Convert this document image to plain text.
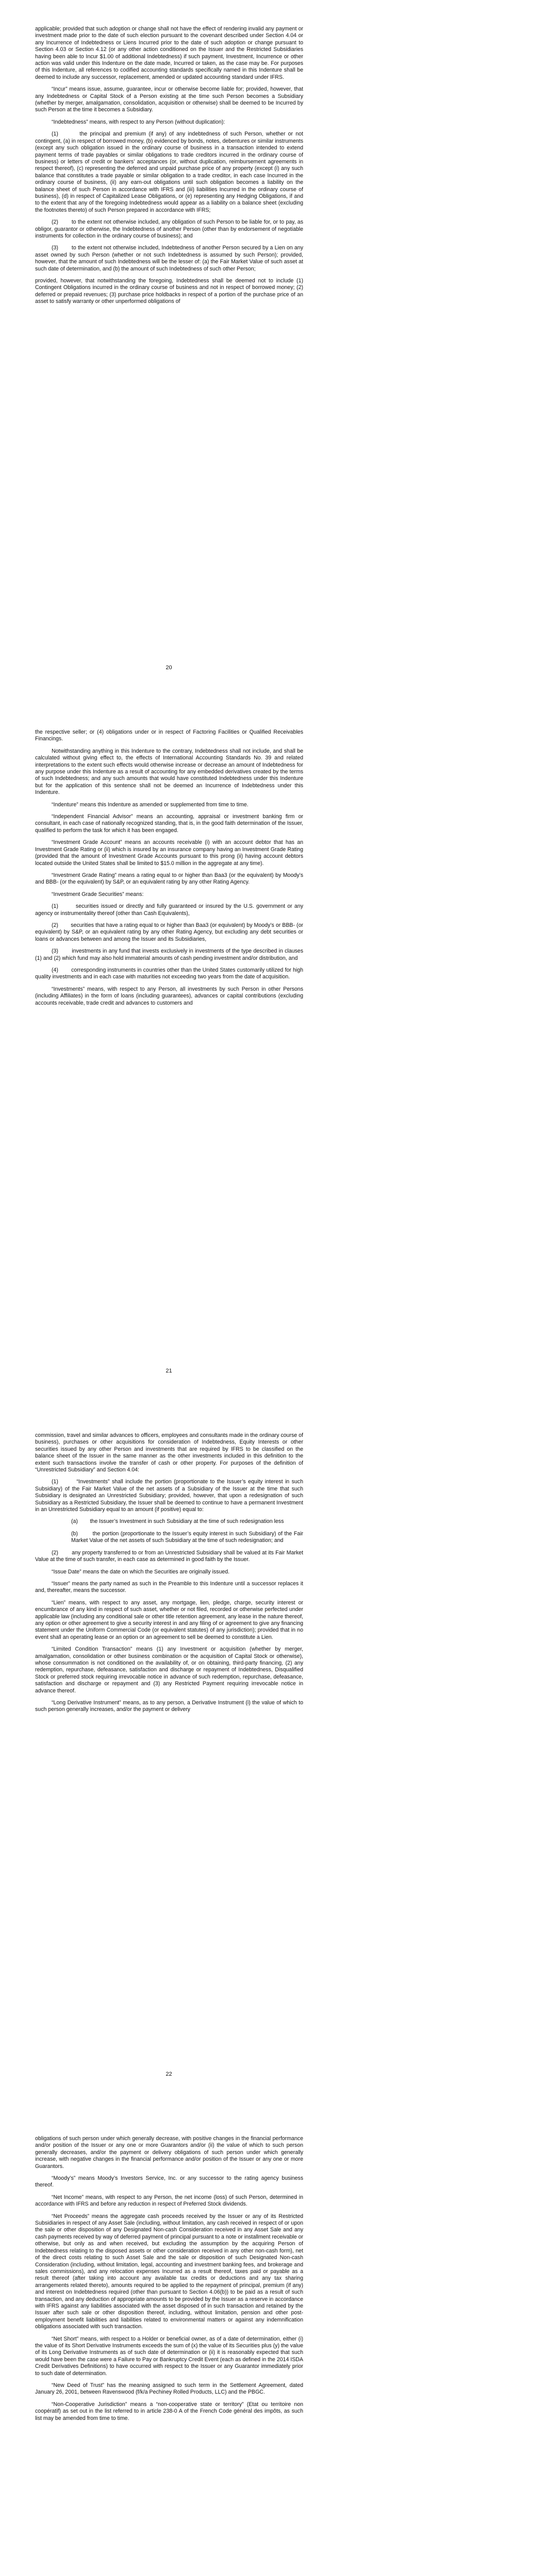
applicable; provided that such adoption or change shall not have the effect of rendering invalid any payment or investment made prior to the date of such election pursuant to the covenant described under Section 4.04 or any Incurrence of Indebtedness or Liens Incurred prior to the date of such adoption or change pursuant to Section 4.03 or Section 4.12 (or any other action conditioned on the Issuer and the Restricted Subsidiaries having been able to Incur $1.00 of additional Indebtedness) if such payment, Investment, Incurrence or other action was valid under this Indenture on the date made, Incurred or taken, as the case may be. For purposes of this Indenture, all references to codified accounting standards specifically named in this Indenture shall be deemed to include any successor, replacement, amended or updated accounting standard under IFRS.

“Incur” means issue, assume, guarantee, incur or otherwise become liable for; provided, however, that any Indebtedness or Capital Stock of a Person existing at the time such Person becomes a Subsidiary (whether by merger, amalgamation, consolidation, acquisition or otherwise) shall be deemed to be Incurred by such Person at the time it becomes a Subsidiary.

“Indebtedness” means, with respect to any Person (without duplication):

(1)        the principal and premium (if any) of any indebtedness of such Person, whether or not contingent, (a) in respect of borrowed money, (b) evidenced by bonds, notes, debentures or similar instruments (except any such obligation issued in the ordinary course of business in a transaction intended to extend payment terms of trade payables or similar obligations to trade creditors incurred in the ordinary course of business) or letters of credit or bankers’ acceptances (or, without duplication, reimbursement agreements in respect thereof), (c) representing the deferred and unpaid purchase price of any property (except (i) any such balance that constitutes a trade payable or similar obligation to a trade creditor, in each case Incurred in the ordinary course of business, (ii) any earn-out obligations until such obligation becomes a liability on the balance sheet of such Person in accordance with IFRS and (iii) liabilities Incurred in the ordinary course of business), (d) in respect of Capitalized Lease Obligations, or (e) representing any Hedging Obligations, if and to the extent that any of the foregoing Indebtedness would appear as a liability on a balance sheet (excluding the footnotes thereto) of such Person prepared in accordance with IFRS;

(2)        to the extent not otherwise included, any obligation of such Person to be liable for, or to pay, as obligor, guarantor or otherwise, the Indebtedness of another Person (other than by endorsement of negotiable instruments for collection in the ordinary course of business); and

(3)        to the extent not otherwise included, Indebtedness of another Person secured by a Lien on any asset owned by such Person (whether or not such Indebtedness is assumed by such Person); provided, however, that the amount of such Indebtedness will be the lesser of: (a) the Fair Market Value of such asset at such date of determination, and (b) the amount of such Indebtedness of such other Person;

provided, however, that notwithstanding the foregoing, Indebtedness shall be deemed not to include (1) Contingent Obligations incurred in the ordinary course of business and not in respect of borrowed money; (2) deferred or prepaid revenues; (3) purchase price holdbacks in respect of a portion of the purchase price of an asset to satisfy warranty or other unperformed obligations of

20

the respective seller; or (4) obligations under or in respect of Factoring Facilities or Qualified Receivables Financings.

Notwithstanding anything in this Indenture to the contrary, Indebtedness shall not include, and shall be calculated without giving effect to, the effects of International Accounting Standards No. 39 and related interpretations to the extent such effects would otherwise increase or decrease an amount of Indebtedness for any purpose under this Indenture as a result of accounting for any embedded derivatives created by the terms of such Indebtedness; and any such amounts that would have constituted Indebtedness under this Indenture but for the application of this sentence shall not be deemed an Incurrence of Indebtedness under this Indenture.

“Indenture” means this Indenture as amended or supplemented from time to time.

“Independent Financial Advisor” means an accounting, appraisal or investment banking firm or consultant, in each case of nationally recognized standing, that is, in the good faith determination of the Issuer, qualified to perform the task for which it has been engaged.

“Investment Grade Account” means an accounts receivable (i) with an account debtor that has an Investment Grade Rating or (ii) which is insured by an insurance company having an Investment Grade Rating (provided that the amount of Investment Grade Accounts pursuant to this prong (ii) having account debtors located outside the United States shall be limited to $15.0 million in the aggregate at any time).

“Investment Grade Rating” means a rating equal to or higher than Baa3 (or the equivalent) by Moody’s and BBB- (or the equivalent) by S&P, or an equivalent rating by any other Rating Agency.

“Investment Grade Securities” means:

(1)        securities issued or directly and fully guaranteed or insured by the U.S. government or any agency or instrumentality thereof (other than Cash Equivalents),

(2)        securities that have a rating equal to or higher than Baa3 (or equivalent) by Moody’s or BBB- (or equivalent) by S&P, or an equivalent rating by any other Rating Agency, but excluding any debt securities or loans or advances between and among the Issuer and its Subsidiaries,

(3)        investments in any fund that invests exclusively in investments of the type described in clauses (1) and (2) which fund may also hold immaterial amounts of cash pending investment and/or distribution, and

(4)        corresponding instruments in countries other than the United States customarily utilized for high quality investments and in each case with maturities not exceeding two years from the date of acquisition.

“Investments” means, with respect to any Person, all investments by such Person in other Persons (including Affiliates) in the form of loans (including guarantees), advances or capital contributions (excluding accounts receivable, trade credit and advances to customers and

21

commission, travel and similar advances to officers, employees and consultants made in the ordinary course of business), purchases or other acquisitions for consideration of Indebtedness, Equity Interests or other securities issued by any other Person and investments that are required by IFRS to be classified on the balance sheet of the Issuer in the same manner as the other investments included in this definition to the extent such transactions involve the transfer of cash or other property. For purposes of the definition of “Unrestricted Subsidiary” and Section 4.04:

(1)        “Investments” shall include the portion (proportionate to the Issuer’s equity interest in such Subsidiary) of the Fair Market Value of the net assets of a Subsidiary of the Issuer at the time that such Subsidiary is designated an Unrestricted Subsidiary; provided, however, that upon a redesignation of such Subsidiary as a Restricted Subsidiary, the Issuer shall be deemed to continue to have a permanent Investment in an Unrestricted Subsidiary equal to an amount (if positive) equal to:

(a)        the Issuer’s Investment in such Subsidiary at the time of such redesignation less

(b)        the portion (proportionate to the Issuer’s equity interest in such Subsidiary) of the Fair Market Value of the net assets of such Subsidiary at the time of such redesignation; and

(2)        any property transferred to or from an Unrestricted Subsidiary shall be valued at its Fair Market Value at the time of such transfer, in each case as determined in good faith by the Issuer.

“Issue Date” means the date on which the Securities are originally issued.

“Issuer” means the party named as such in the Preamble to this Indenture until a successor replaces it and, thereafter, means the successor.

“Lien” means, with respect to any asset, any mortgage, lien, pledge, charge, security interest or encumbrance of any kind in respect of such asset, whether or not filed, recorded or otherwise perfected under applicable law (including any conditional sale or other title retention agreement, any lease in the nature thereof, any option or other agreement to give a security interest in and any filing of or agreement to give any financing statement under the Uniform Commercial Code (or equivalent statutes) of any jurisdiction); provided that in no event shall an operating lease or an option or an agreement to sell be deemed to constitute a Lien.

“Limited Condition Transaction” means (1) any Investment or acquisition (whether by merger, amalgamation, consolidation or other business combination or the acquisition of Capital Stock or otherwise), whose consummation is not conditioned on the availability of, or on obtaining, third-party financing, (2) any redemption, repurchase, defeasance, satisfaction and discharge or repayment of Indebtedness, Disqualified Stock or preferred stock requiring irrevocable notice in advance of such redemption, repurchase, defeasance, satisfaction and discharge or repayment and (3) any Restricted Payment requiring irrevocable notice in advance thereof.

“Long Derivative Instrument” means, as to any person, a Derivative Instrument (i) the value of which to such person generally increases, and/or the payment or delivery

22

obligations of such person under which generally decrease, with positive changes in the financial performance and/or position of the Issuer or any one or more Guarantors and/or (ii) the value of which to such person generally decreases, and/or the payment or delivery obligations of such person under which generally increase, with negative changes in the financial performance and/or position of the Issuer or any one or more Guarantors.

“Moody’s” means Moody’s Investors Service, Inc. or any successor to the rating agency business thereof.

“Net Income” means, with respect to any Person, the net income (loss) of such Person, determined in accordance with IFRS and before any reduction in respect of Preferred Stock dividends.

“Net Proceeds” means the aggregate cash proceeds received by the Issuer or any of its Restricted Subsidiaries in respect of any Asset Sale (including, without limitation, any cash received in respect of or upon the sale or other disposition of any Designated Non-cash Consideration received in any Asset Sale and any cash payments received by way of deferred payment of principal pursuant to a note or installment receivable or otherwise, but only as and when received, but excluding the assumption by the acquiring Person of Indebtedness relating to the disposed assets or other consideration received in any other non-cash form), net of the direct costs relating to such Asset Sale and the sale or disposition of such Designated Non-cash Consideration (including, without limitation, legal, accounting and investment banking fees, and brokerage and sales commissions), and any relocation expenses Incurred as a result thereof, taxes paid or payable as a result thereof (after taking into account any available tax credits or deductions and any tax sharing arrangements related thereto), amounts required to be applied to the repayment of principal, premium (if any) and interest on Indebtedness required (other than pursuant to Section 4.06(b)) to be paid as a result of such transaction, and any deduction of appropriate amounts to be provided by the Issuer as a reserve in accordance with IFRS against any liabilities associated with the asset disposed of in such transaction and retained by the Issuer after such sale or other disposition thereof, including, without limitation, pension and other post-employment benefit liabilities and liabilities related to environmental matters or against any indemnification obligations associated with such transaction.

“Net Short” means, with respect to a Holder or beneficial owner, as of a date of determination, either (i) the value of its Short Derivative Instruments exceeds the sum of (x) the value of its Securities plus (y) the value of its Long Derivative Instruments as of such date of determination or (ii) it is reasonably expected that such would have been the case were a Failure to Pay or Bankruptcy Credit Event (each as defined in the 2014 ISDA Credit Derivatives Definitions) to have occurred with respect to the Issuer or any Guarantor immediately prior to such date of determination.

“New Deed of Trust” has the meaning assigned to such term in the Settlement Agreement, dated January 26, 2001, between Ravenswood (f/k/a Pechiney Rolled Products, LLC) and the PBGC.

“Non-Cooperative Jurisdiction” means a “non-cooperative state or territory” (Etat ou territoire non coopératif) as set out in the list referred to in article 238-0 A of the French Code général des impôts, as such list may be amended from time to time.
